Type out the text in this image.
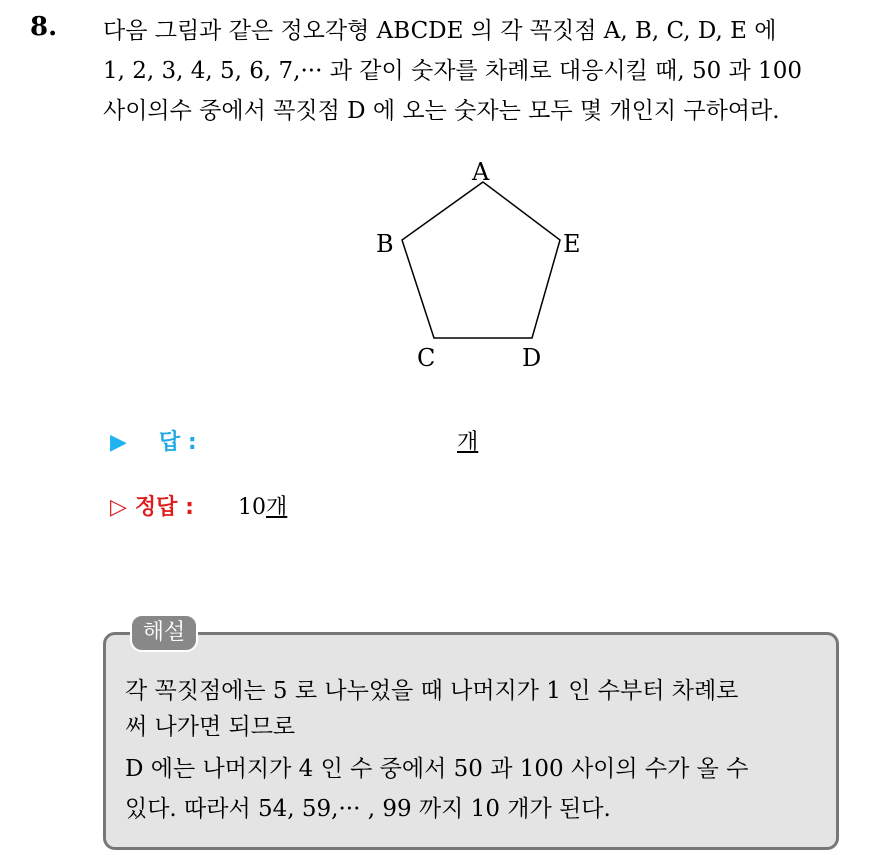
8. 다음 그림과 같은 정오각형 ABCDE 의 각 꼭짓점 A, B, C, D, E 에
1, 2, 3, 4, 5, 6, 7,··· 과 같이 숫자를 차례로 대응시킬 때, 50 과 100
사이의수 중에서 꼭짓점 D 에 오는 숫자는 모두 몇 개인지 구하여라.
A
B
C	D
E
▶ 답 :	개
▷ 정답 : 10개
해설
각 꼭짓점에는 5 로 나누었을 때 나머지가 1 인 수부터 차례로
써 나가면 되므로
D 에는 나머지가 4 인 수 중에서 50 과 100 사이의 수가 올 수
있다. 따라서 54, 59,··· , 99 까지 10 개가 된다.
